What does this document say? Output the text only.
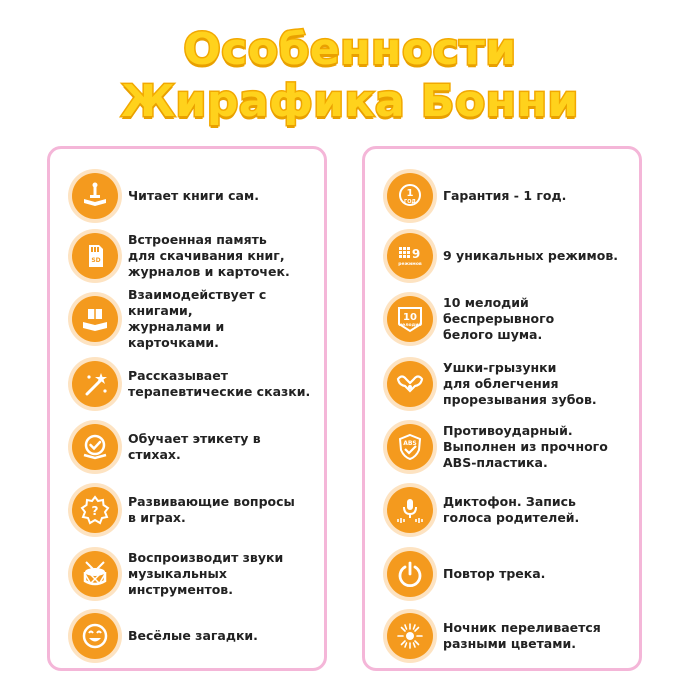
Особенности
Жирафика Бонни
Читает книги сам.
SD
Встроенная память
для скачивания книг,
журналов и карточек.
Взаимодействует с книгами,
журналами и карточками.
Рассказывает
терапевтические сказки.
Обучает этикету в стихах.
?
Развивающие вопросы
в играх.
Воспроизводит звуки
музыкальных инструментов.
Весёлые загадки.
1
ГОД Гарантия - 1 год.
9
режимов
9 уникальных режимов.
10
мелодий
10 мелодий беспрерывного
белого шума.
Ушки-грызунки
для облегчения
прорезывания зубов.
ABS
Противоударный.
Выполнен из прочного
ABS-пластика.
Диктофон. Запись
голоса родителей.
Повтор трека.
Ночник переливается
разными цветами.
